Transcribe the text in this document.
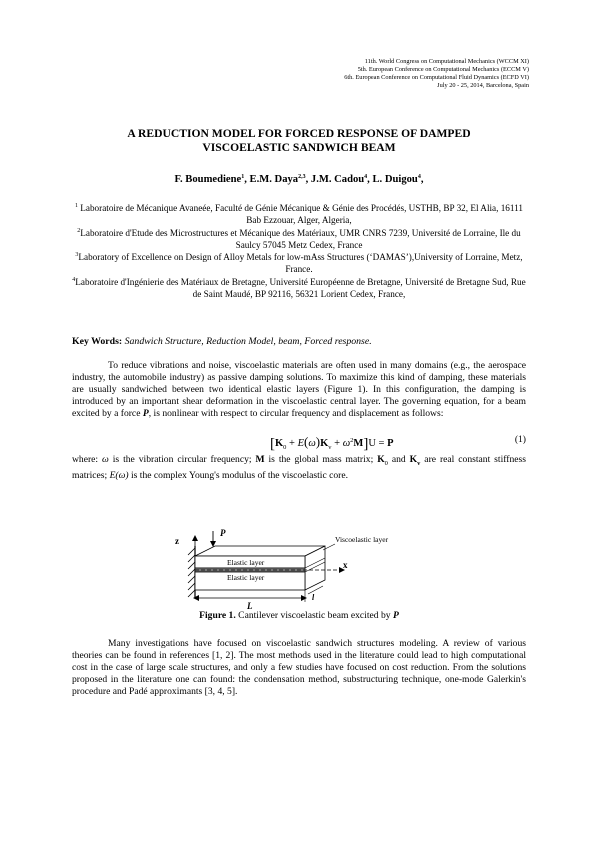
11th. World Congress on Computational Mechanics (WCCM XI)
5th. European Conference on Computational Mechanics (ECCM V)
6th. European Conference on Computational Fluid Dynamics (ECFD VI)
July 20 - 25, 2014, Barcelona, Spain
A REDUCTION MODEL FOR FORCED RESPONSE OF DAMPED
VISCOELASTIC SANDWICH BEAM
F. Boumediene$^1$, E.M. Daya$^{2,3}$, J.M. Cadou$^4$, L. Duigou$^4$,

$^1$ Laboratoire de Mécanique Avaneée, Faculté de Génie Mécanique & Génie des Procédés, USTHB, BP 32, El Alia, 16111 Bab Ezzouar, Alger, Algeria,

$^2$Laboratoire d'Etude des Microstructures et Mécanique des Matériaux, UMR CNRS 7239, Université de Lorraine, Ile du Saulcy 57045 Metz Cedex, France

$^3$Laboratory of Excellence on Design of Alloy Metals for low-mAss Structures (‘DAMAS’),University of Lorraine, Metz, France.

$^4$Laboratoire d'Ingénierie des Matériaux de Bretagne, Université Européenne de Bretagne, Université de Bretagne Sud, Rue de Saint Maudé, BP 92116, 56321 Lorient Cedex, France,

Key Words: Sandwich Structure, Reduction Model, beam, Forced response.

To reduce vibrations and noise, viscoelastic materials are often used in many domains (e.g., the aerospace industry, the automobile industry) as passive damping solutions. To maximize this kind of damping, these materials are usually sandwiched between two identical elastic layers (Figure 1). In this configuration, the damping is introduced by an important shear deformation in the viscoelastic central layer. The governing equation, for a beam excited by a force P, is nonlinear with respect to circular frequency and displacement as follows:

$[K_0 + E(\omega)K_v + \omega^2M]U = P$	(1)

where: ω is the vibration circular frequency; M is the global mass matrix; $K_0$ and $K_v$ are real constant stiffness matrices; E(ω) is the complex Young's modulus of the viscoelastic core.

z
x
P
Elastic layer
Elastic layer
Viscoelastic layer
L
l
Figure 1. Cantilever viscoelastic beam excited by P

Many investigations have focused on viscoelastic sandwich structures modeling. A review of various theories can be found in references [1, 2]. The most methods used in the literature could lead to high computational cost in the case of large scale structures, and only a few studies have focused on cost reduction. From the solutions proposed in the literature one can found: the condensation method, substructuring technique, one-mode Galerkin's procedure and Padé approximants [3, 4, 5].
